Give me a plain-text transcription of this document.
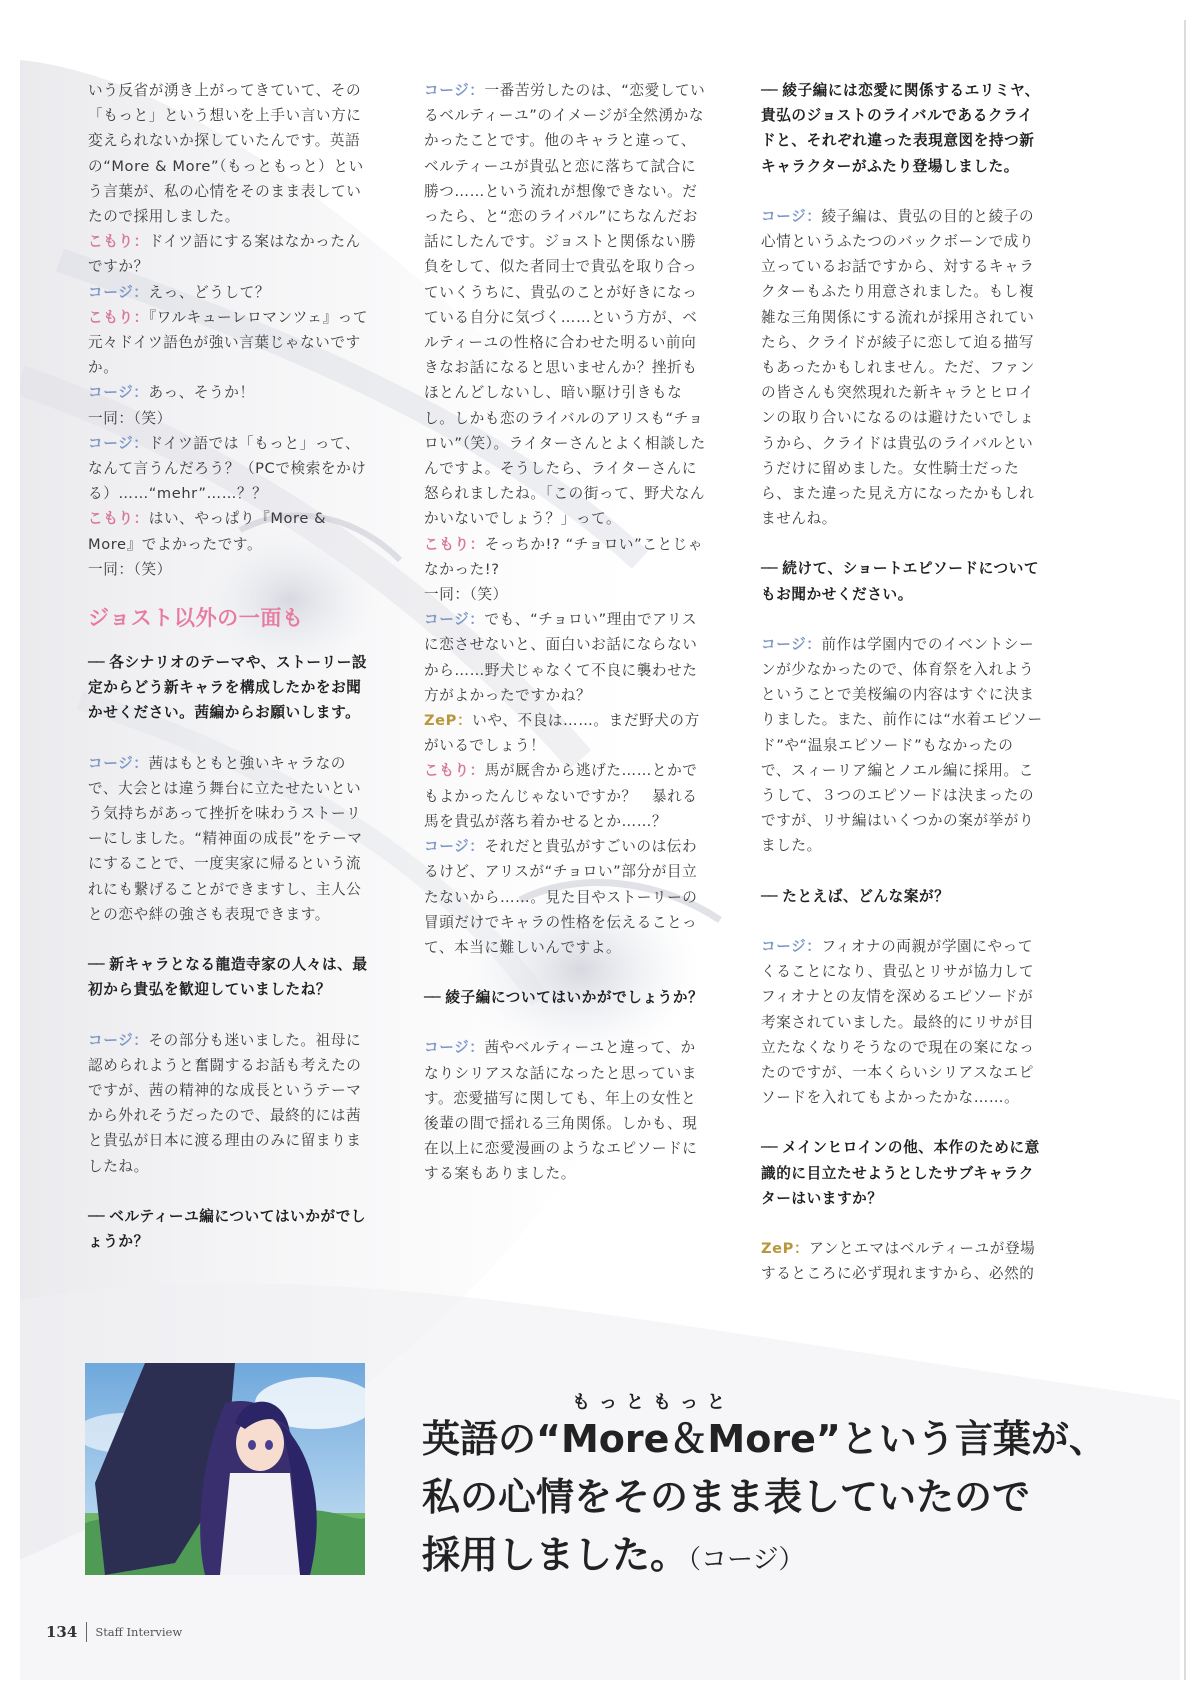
いう反省が湧き上がってきていて、その「もっと」という想いを上手い言い方に変えられないか探していたんです。英語の“More & More”（もっともっと）という言葉が、私の心情をそのまま表していたので採用しました。

こもり：ドイツ語にする案はなかったんですか？

コージ：えっ、どうして？

こもり：『ワルキューレロマンツェ』って元々ドイツ語色が強い言葉じゃないですか。

コージ：あっ、そうか！

一同：（笑）

コージ：ドイツ語では「もっと」って、なんて言うんだろう？（PCで検索をかける）……“mehr”……？？

こもり：はい、やっぱり『More & More』でよかったです。

一同：（笑）

ジョスト以外の一面も

── 各シナリオのテーマや、ストーリー設定からどう新キャラを構成したかをお聞かせください。茜編からお願いします。

コージ：茜はもともと強いキャラなので、大会とは違う舞台に立たせたいという気持ちがあって挫折を味わうストーリーにしました。“精神面の成長”をテーマにすることで、一度実家に帰るという流れにも繋げることができますし、主人公との恋や絆の強さも表現できます。

── 新キャラとなる龍造寺家の人々は、最初から貴弘を歓迎していましたね？

コージ：その部分も迷いました。祖母に認められようと奮闘するお話も考えたのですが、茜の精神的な成長というテーマから外れそうだったので、最終的には茜と貴弘が日本に渡る理由のみに留まりましたね。

── ベルティーユ編についてはいかがでしょうか？

コージ：一番苦労したのは、“恋愛しているベルティーユ”のイメージが全然湧かなかったことです。他のキャラと違って、ベルティーユが貴弘と恋に落ちて試合に勝つ……という流れが想像できない。だったら、と“恋のライバル”にちなんだお話にしたんです。ジョストと関係ない勝負をして、似た者同士で貴弘を取り合っていくうちに、貴弘のことが好きになっている自分に気づく……という方が、ベルティーユの性格に合わせた明るい前向きなお話になると思いませんか？挫折もほとんどしないし、暗い駆け引きもなし。しかも恋のライバルのアリスも“チョロい”（笑）。ライターさんとよく相談したんですよ。そうしたら、ライターさんに怒られましたね。「この街って、野犬なんかいないでしょう？」って。

こもり：そっちか!? “チョロい”ことじゃなかった!?

一同：（笑）

コージ：でも、“チョロい”理由でアリスに恋させないと、面白いお話にならないから……野犬じゃなくて不良に襲わせた方がよかったですかね？

ZeP：いや、不良は……。まだ野犬の方がいるでしょう！

こもり：馬が厩舎から逃げた……とかでもよかったんじゃないですか？　暴れる馬を貴弘が落ち着かせるとか……？

コージ：それだと貴弘がすごいのは伝わるけど、アリスが“チョロい”部分が目立たないから……。見た目やストーリーの冒頭だけでキャラの性格を伝えることって、本当に難しいんですよ。

── 綾子編についてはいかがでしょうか？

コージ：茜やベルティーユと違って、かなりシリアスな話になったと思っています。恋愛描写に関しても、年上の女性と後輩の間で揺れる三角関係。しかも、現在以上に恋愛漫画のようなエピソードにする案もありました。

── 綾子編には恋愛に関係するエリミヤ、貴弘のジョストのライバルであるクライドと、それぞれ違った表現意図を持つ新キャラクターがふたり登場しました。

コージ：綾子編は、貴弘の目的と綾子の心情というふたつのバックボーンで成り立っているお話ですから、対するキャラクターもふたり用意されました。もし複雑な三角関係にする流れが採用されていたら、クライドが綾子に恋して迫る描写もあったかもしれません。ただ、ファンの皆さんも突然現れた新キャラとヒロインの取り合いになるのは避けたいでしょうから、クライドは貴弘のライバルというだけに留めました。女性騎士だったら、また違った見え方になったかもしれませんね。

── 続けて、ショートエピソードについてもお聞かせください。

コージ：前作は学園内でのイベントシーンが少なかったので、体育祭を入れようということで美桜編の内容はすぐに決まりました。また、前作には“水着エピソード”や“温泉エピソード”もなかったので、スィーリア編とノエル編に採用。こうして、３つのエピソードは決まったのですが、リサ編はいくつかの案が挙がりました。

── たとえば、どんな案が？

コージ：フィオナの両親が学園にやってくることになり、貴弘とリサが協力してフィオナとの友情を深めるエピソードが考案されていました。最終的にリサが目立たなくなりそうなので現在の案になったのですが、一本くらいシリアスなエピソードを入れてもよかったかな……。

── メインヒロインの他、本作のために意識的に目立たせようとしたサブキャラクターはいますか？

ZeP：アンとエマはベルティーユが登場するところに必ず現れますから、必然的

もっともっと
英語の“More＆More”という言葉が、
私の心情をそのまま表していたので
採用しました。（コージ）
134 Staff Interview
